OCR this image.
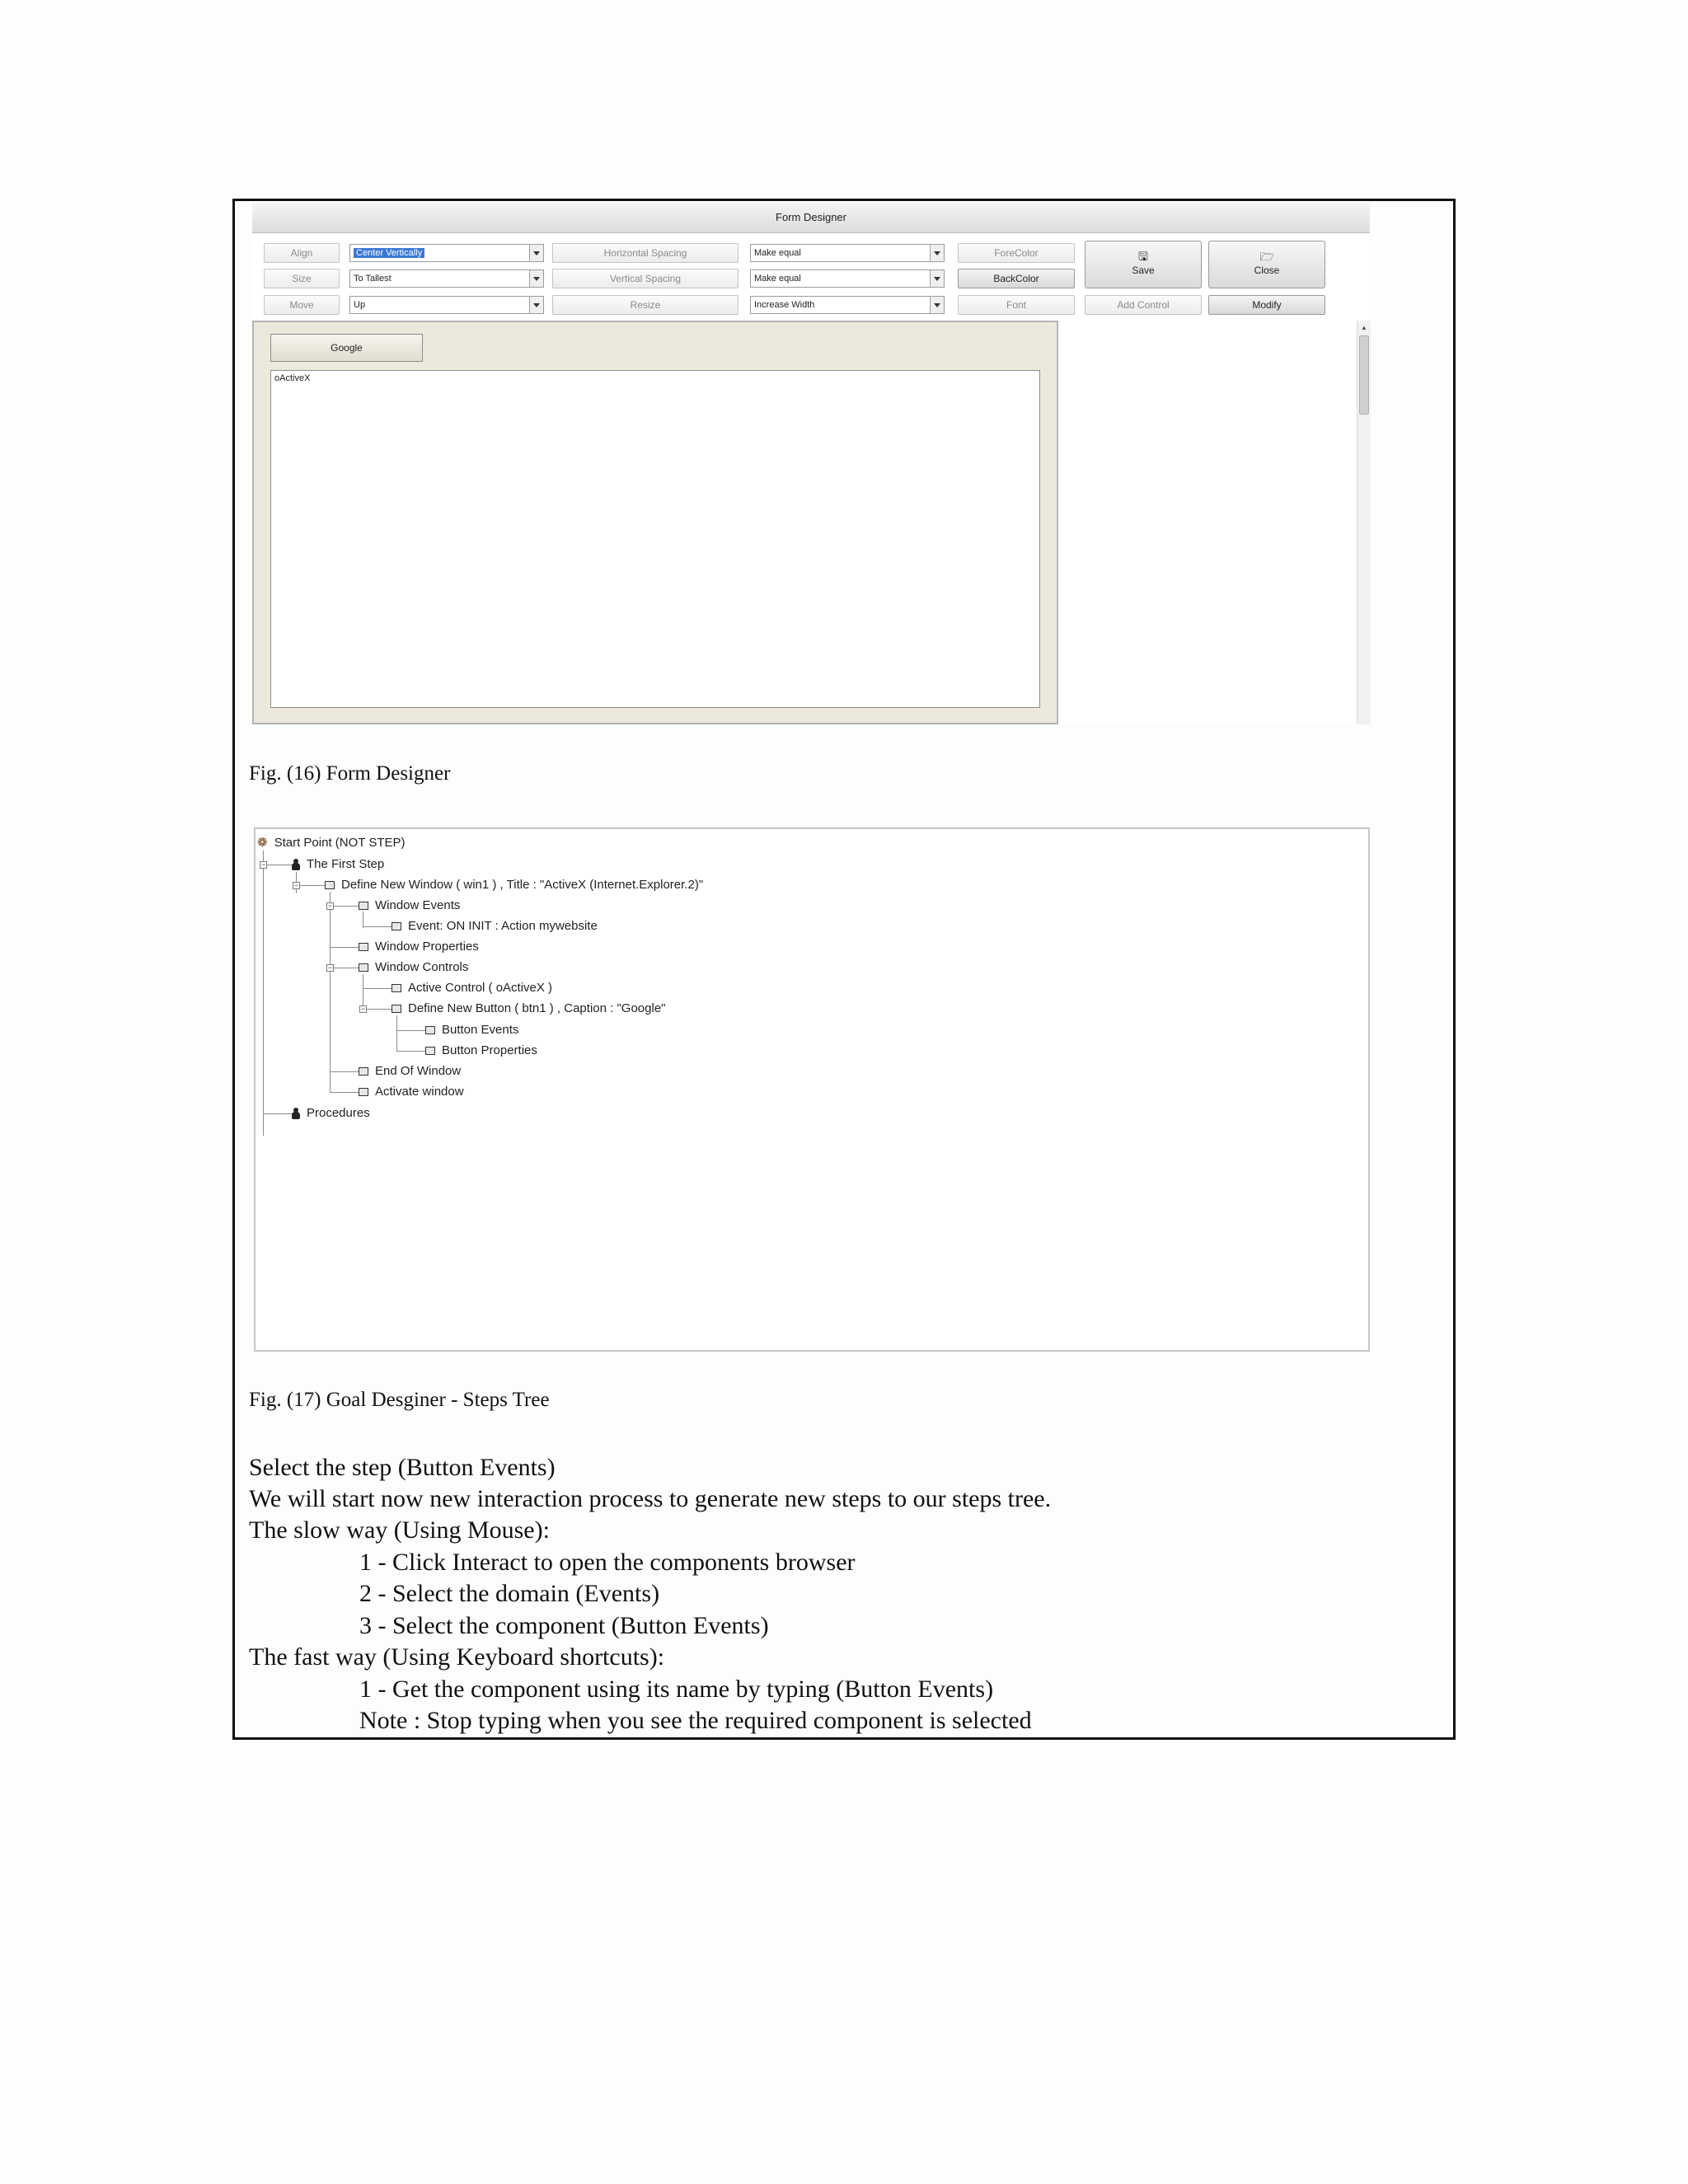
Form Designer
Align
Size
Move
Center Vertically
To Tallest
Up
Horizontal Spacing
Vertical Spacing
Resize
Make equal
Make equal
Increase Width
ForeColor
BackColor
Font
🖫
Save
🗁
Close
Add Control	Modify
Google
oActiveX
▲
Fig. (16) Form Designer
−
−
−
−
−
❁ Start Point (NOT STEP)
The First Step
Define New Window ( win1 ) , Title : "ActiveX (Internet.Explorer.2)"
Window Events
Event: ON INIT : Action mywebsite
Window Properties
Window Controls
Active Control ( oActiveX )
Define New Button ( btn1 ) , Caption : "Google"
Button Events
Button Properties
End Of Window
Activate window
Procedures
Fig. (17) Goal Desginer - Steps Tree
Select the step (Button Events)
We will start now new interaction process to generate new steps to our steps tree.
The slow way (Using Mouse):
1 - Click Interact to open the components browser
2 - Select the domain (Events)
3 - Select the component (Button Events)
The fast way (Using Keyboard shortcuts):
1 - Get the component using its name by typing (Button Events)
Note : Stop typing when you see the required component is selected
